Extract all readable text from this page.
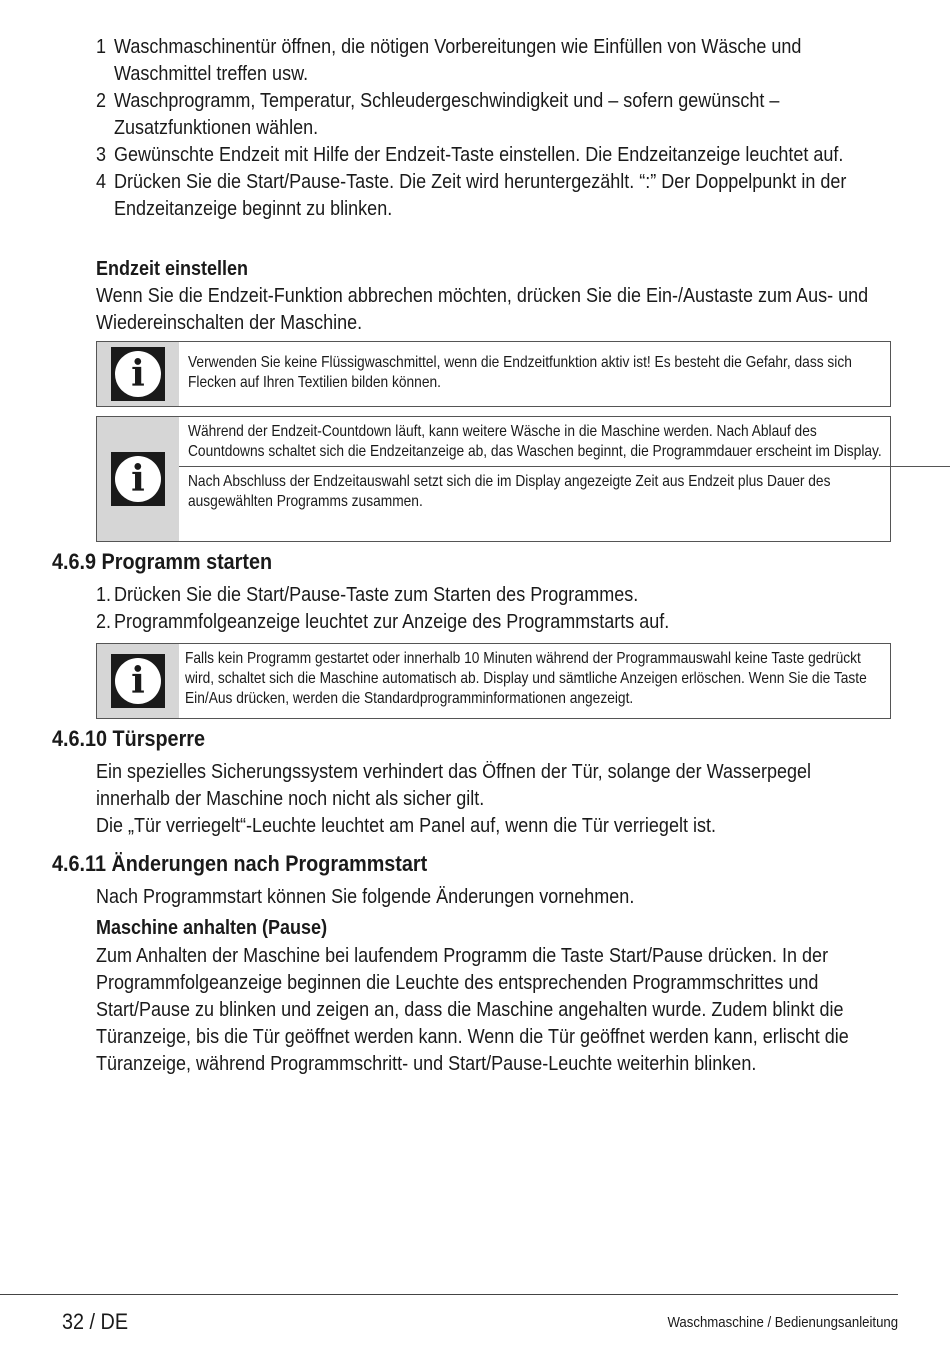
1 Waschmaschinentür öffnen, die nötigen Vorbereitungen wie Einfüllen von Wäsche und Waschmittel treffen usw.
2 Waschprogramm, Temperatur, Schleudergeschwindigkeit und – sofern gewünscht – Zusatzfunktionen wählen.
3 Gewünschte Endzeit mit Hilfe der Endzeit-Taste einstellen. Die Endzeitanzeige leuchtet auf.
4 Drücken Sie die Start/Pause-Taste. Die Zeit wird heruntergezählt. “:” Der Doppelpunkt in der Endzeitanzeige beginnt zu blinken.
Endzeit einstellen
Wenn Sie die Endzeit-Funktion abbrechen möchten, drücken Sie die Ein-/Austaste zum Aus- und Wiedereinschalten der Maschine.
i	Verwenden Sie keine Flüssigwaschmittel, wenn die Endzeitfunktion aktiv ist! Es besteht die Gefahr, dass sich Flecken auf Ihren Textilien bilden können.
i
Während der Endzeit-Countdown läuft, kann weitere Wäsche in die Maschine werden. Nach Ablauf des Countdowns schaltet sich die Endzeitanzeige ab, das Waschen beginnt, die Programmdauer erscheint im Display.
Nach Abschluss der Endzeitauswahl setzt sich die im Display angezeigte Zeit aus Endzeit plus Dauer des ausgewählten Programms zusammen.
4.6.9 Programm starten
1. Drücken Sie die Start/Pause-Taste zum Starten des Programmes.
2. Programmfolgeanzeige leuchtet zur Anzeige des Programmstarts auf.
i
Falls kein Programm gestartet oder innerhalb 10 Minuten während der Programmauswahl keine Taste gedrückt wird, schaltet sich die Maschine automatisch ab. Display und sämtliche Anzeigen erlöschen. Wenn Sie die Taste Ein/Aus drücken, werden die Standardprogramminformationen angezeigt.
4.6.10 Türsperre
Ein spezielles Sicherungssystem verhindert das Öffnen der Tür, solange der Wasserpegel innerhalb der Maschine noch nicht als sicher gilt.
Die „Tür verriegelt“-Leuchte leuchtet am Panel auf, wenn die Tür verriegelt ist.
4.6.11 Änderungen nach Programmstart
Nach Programmstart können Sie folgende Änderungen vornehmen.
Maschine anhalten (Pause)
Zum Anhalten der Maschine bei laufendem Programm die Taste Start/Pause drücken. In der Programmfolgeanzeige beginnen die Leuchte des entsprechenden Programmschrittes und Start/Pause zu blinken und zeigen an, dass die Maschine angehalten wurde. Zudem blinkt die Türanzeige, bis die Tür geöffnet werden kann. Wenn die Tür geöffnet werden kann, erlischt die Türanzeige, während Programmschritt- und Start/Pause-Leuchte weiterhin blinken.
32 / DE	Waschmaschine / Bedienungsanleitung
